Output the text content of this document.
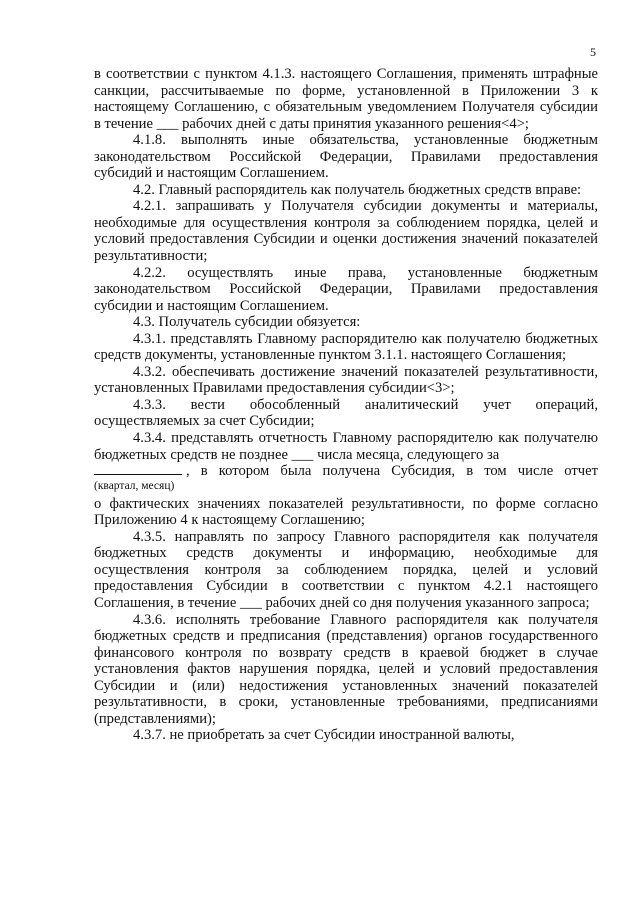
5

в соответствии с пунктом 4.1.3. настоящего Соглашения, применять штрафные санкции, рассчитываемые по форме, установленной в Приложении 3 к настоящему Соглашению, с обязательным уведомлением Получателя субсидии в течение ___ рабочих дней с даты принятия указанного решения<4>;

4.1.8. выполнять иные обязательства, установленные бюджетным законодательством Российской Федерации, Правилами предоставления субсидий и настоящим Соглашением.

4.2. Главный распорядитель как получатель бюджетных средств вправе:

4.2.1. запрашивать у Получателя субсидии документы и материалы, необходимые для осуществления контроля за соблюдением порядка, целей и условий предоставления Субсидии и оценки достижения значений показателей результативности;

4.2.2. осуществлять иные права, установленные бюджетным законодательством Российской Федерации, Правилами предоставления субсидии и настоящим Соглашением.

4.3. Получатель субсидии обязуется:

4.3.1. представлять Главному распорядителю как получателю бюджетных средств документы, установленные пунктом 3.1.1. настоящего Соглашения;

4.3.2. обеспечивать достижение значений показателей результативности, установленных Правилами предоставления субсидии<3>;

4.3.3. вести обособленный аналитический учет операций, осуществляемых за счет Субсидии;

4.3.4. представлять отчетность Главному распорядителю как получателю бюджетных средств не позднее ___ числа месяца, следующего за

, в котором была получена Субсидия, в том числе отчет

(квартал, месяц)

о фактических значениях показателей результативности, по форме согласно Приложению 4 к настоящему Соглашению;

4.3.5. направлять по запросу Главного распорядителя как получателя бюджетных средств документы и информацию, необходимые для осуществления контроля за соблюдением порядка, целей и условий предоставления Субсидии в соответствии с пунктом 4.2.1 настоящего Соглашения, в течение ___ рабочих дней со дня получения указанного запроса;

4.3.6. исполнять требование Главного распорядителя как получателя бюджетных средств и предписания (представления) органов государственного финансового контроля по возврату средств в краевой бюджет в случае установления фактов нарушения порядка, целей и условий предоставления Субсидии и (или) недостижения установленных значений показателей результативности, в сроки, установленные требованиями, предписаниями (представлениями);

4.3.7. не приобретать за счет Субсидии иностранной валюты,
